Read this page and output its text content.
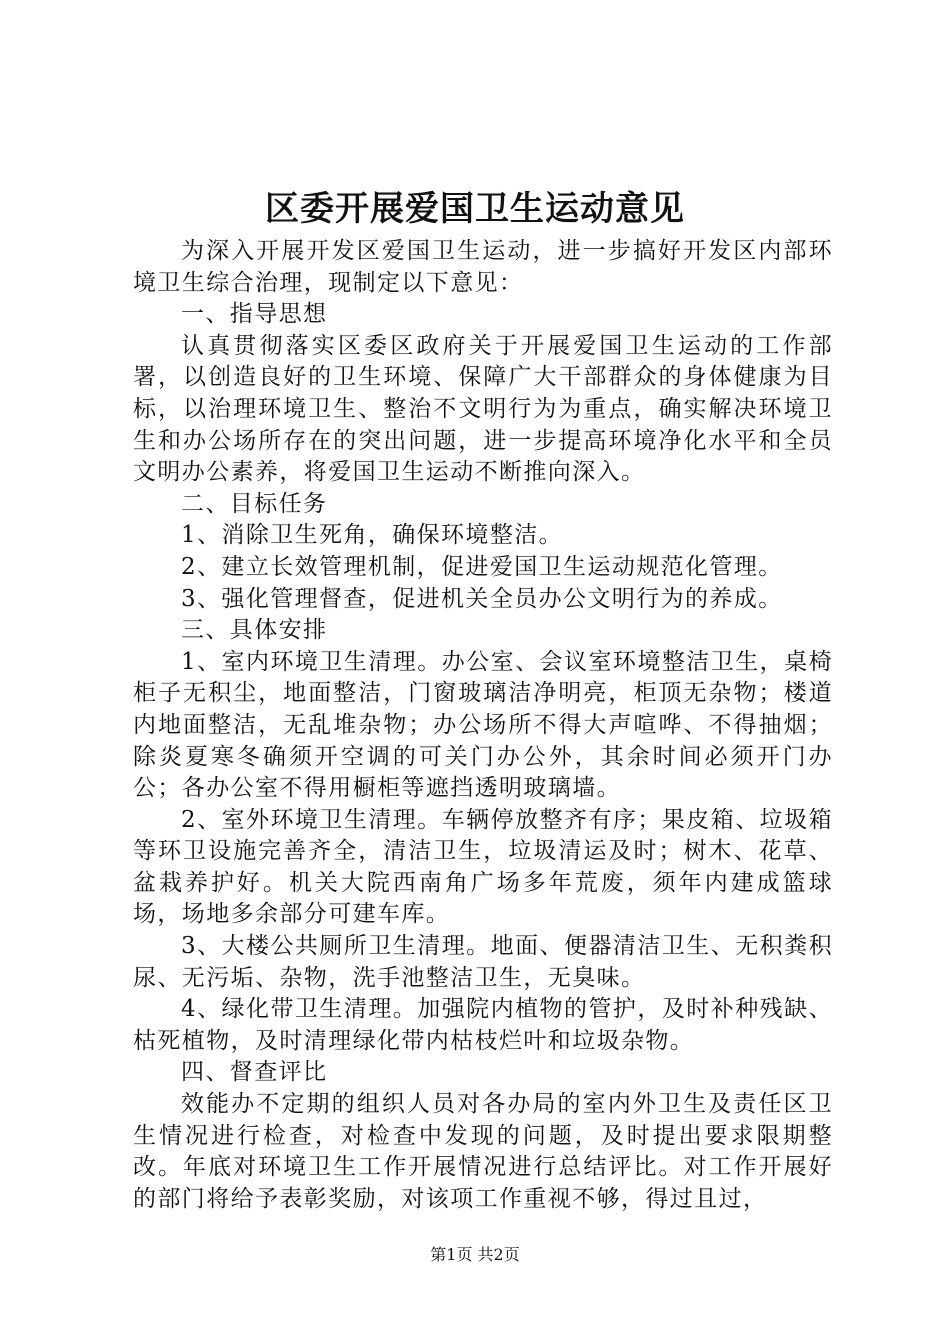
区委开展爱国卫生运动意见

为深入开展开发区爱国卫生运动，进一步搞好开发区内部环境卫生综合治理，现制定以下意见：

一、指导思想

认真贯彻落实区委区政府关于开展爱国卫生运动的工作部署，以创造良好的卫生环境、保障广大干部群众的身体健康为目标，以治理环境卫生、整治不文明行为为重点，确实解决环境卫生和办公场所存在的突出问题，进一步提高环境净化水平和全员文明办公素养，将爱国卫生运动不断推向深入。

二、目标任务

1、消除卫生死角，确保环境整洁。

2、建立长效管理机制，促进爱国卫生运动规范化管理。

3、强化管理督查，促进机关全员办公文明行为的养成。

三、具体安排

1、室内环境卫生清理。办公室、会议室环境整洁卫生，桌椅柜子无积尘，地面整洁，门窗玻璃洁净明亮，柜顶无杂物；楼道内地面整洁，无乱堆杂物；办公场所不得大声喧哗、不得抽烟；除炎夏寒冬确须开空调的可关门办公外，其余时间必须开门办公；各办公室不得用橱柜等遮挡透明玻璃墙。

2、室外环境卫生清理。车辆停放整齐有序；果皮箱、垃圾箱等环卫设施完善齐全，清洁卫生，垃圾清运及时；树木、花草、盆栽养护好。机关大院西南角广场多年荒废，须年内建成篮球场，场地多余部分可建车库。

3、大楼公共厕所卫生清理。地面、便器清洁卫生、无积粪积尿、无污垢、杂物，洗手池整洁卫生，无臭味。

4、绿化带卫生清理。加强院内植物的管护，及时补种残缺、枯死植物，及时清理绿化带内枯枝烂叶和垃圾杂物。

四、督查评比

效能办不定期的组织人员对各办局的室内外卫生及责任区卫生情况进行检查，对检查中发现的问题，及时提出要求限期整改。年底对环境卫生工作开展情况进行总结评比。对工作开展好的部门将给予表彰奖励，对该项工作重视不够，得过且过，

第1页 共2页
